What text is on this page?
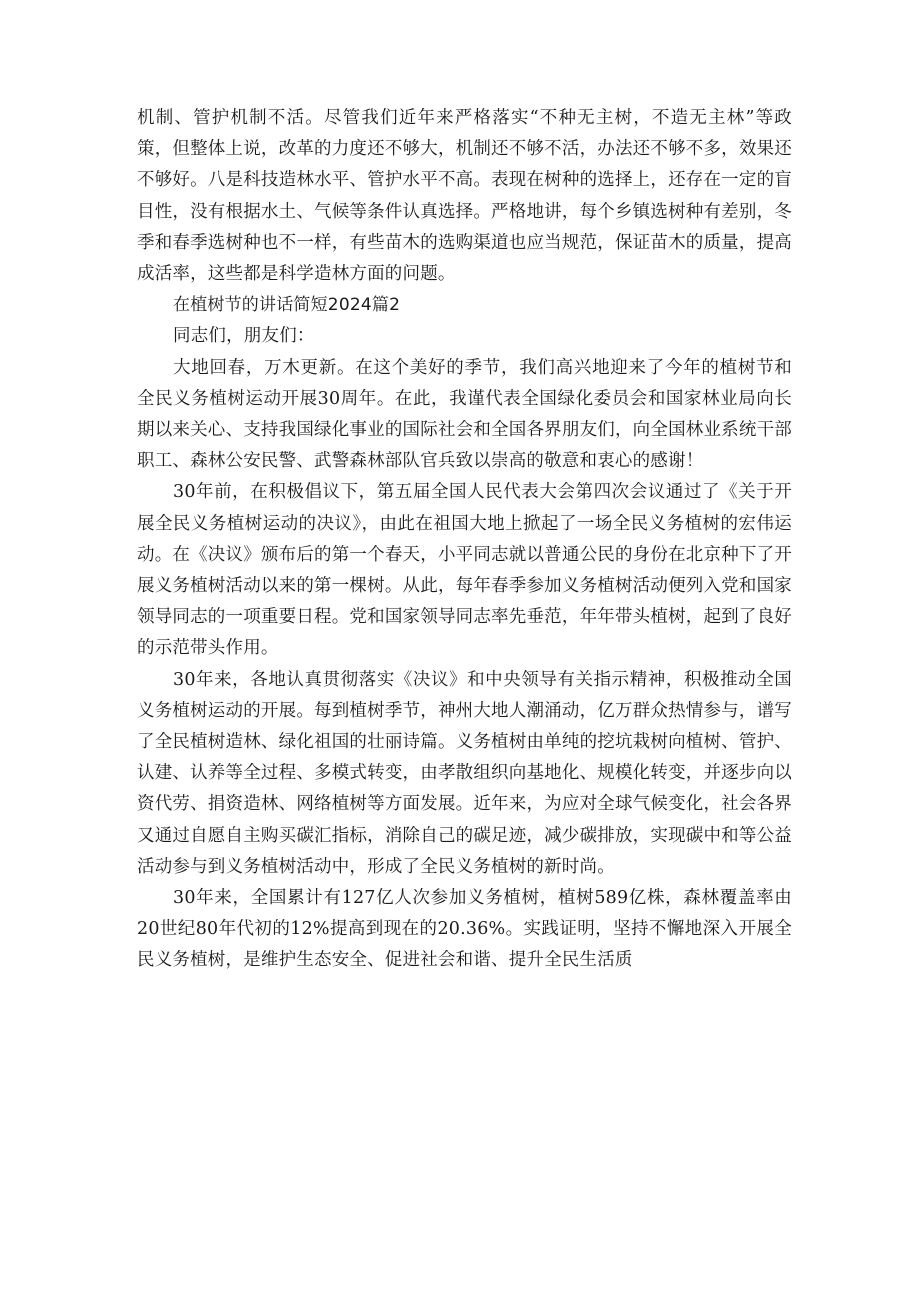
机制、管护机制不活。尽管我们近年来严格落实“不种无主树，不造无主林”等政策，但整体上说，改革的力度还不够大，机制还不够不活，办法还不够不多，效果还不够好。八是科技造林水平、管护水平不高。表现在树种的选择上，还存在一定的盲目性，没有根据水土、气候等条件认真选择。严格地讲，每个乡镇选树种有差别，冬季和春季选树种也不一样，有些苗木的选购渠道也应当规范，保证苗木的质量，提高成活率，这些都是科学造林方面的问题。

在植树节的讲话简短2024篇2

同志们，朋友们：

大地回春，万木更新。在这个美好的季节，我们高兴地迎来了今年的植树节和全民义务植树运动开展30周年。在此，我谨代表全国绿化委员会和国家林业局向长期以来关心、支持我国绿化事业的国际社会和全国各界朋友们，向全国林业系统干部职工、森林公安民警、武警森林部队官兵致以崇高的敬意和衷心的感谢！

30年前，在积极倡议下，第五届全国人民代表大会第四次会议通过了《关于开展全民义务植树运动的决议》，由此在祖国大地上掀起了一场全民义务植树的宏伟运动。在《决议》颁布后的第一个春天，小平同志就以普通公民的身份在北京种下了开展义务植树活动以来的第一棵树。从此，每年春季参加义务植树活动便列入党和国家领导同志的一项重要日程。党和国家领导同志率先垂范，年年带头植树，起到了良好的示范带头作用。

30年来，各地认真贯彻落实《决议》和中央领导有关指示精神，积极推动全国义务植树运动的开展。每到植树季节，神州大地人潮涌动，亿万群众热情参与，谱写了全民植树造林、绿化祖国的壮丽诗篇。义务植树由单纯的挖坑栽树向植树、管护、认建、认养等全过程、多模式转变，由孝散组织向基地化、规模化转变，并逐步向以资代劳、捐资造林、网络植树等方面发展。近年来，为应对全球气候变化，社会各界又通过自愿自主购买碳汇指标，消除自己的碳足迹，减少碳排放，实现碳中和等公益活动参与到义务植树活动中，形成了全民义务植树的新时尚。

30年来，全国累计有127亿人次参加义务植树，植树589亿株，森林覆盖率由20世纪80年代初的12%提高到现在的20.36%。实践证明，坚持不懈地深入开展全民义务植树，是维护生态安全、促进社会和谐、提升全民生活质
